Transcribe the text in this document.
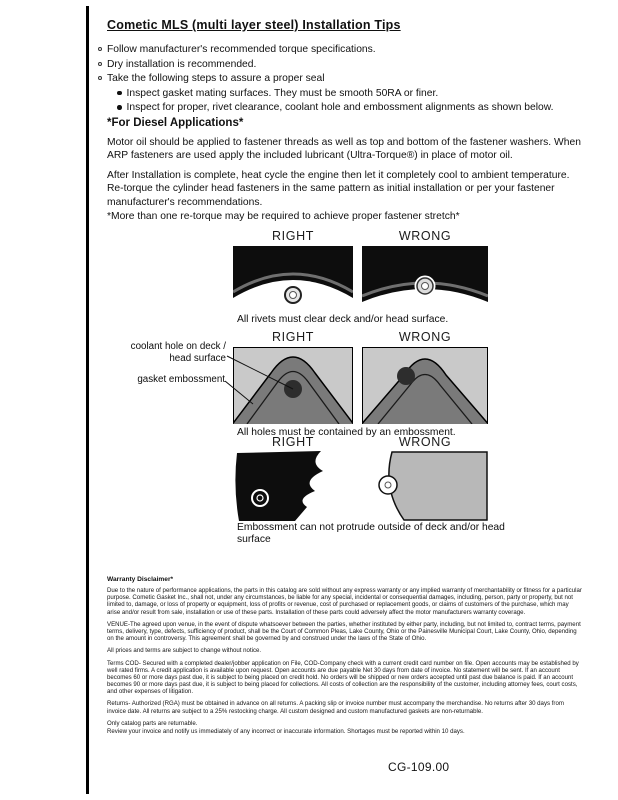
Cometic MLS (multi layer steel) Installation Tips
Follow manufacturer's recommended torque specifications.
Dry installation is recommended.
Take the following steps to assure a proper seal
Inspect gasket mating surfaces. They must be smooth 50RA or finer.
Inspect for proper, rivet clearance, coolant hole and embossment alignments as shown below.
*For Diesel Applications*

Motor oil should be applied to fastener threads as well as top and bottom of the fastener washers. When ARP fasteners are used apply the included lubricant (Ultra-Torque®) in place of motor oil.

After Installation is complete, heat cycle the engine then let it completely cool to ambient temperature. Re-torque the cylinder head fasteners in the same pattern as initial installation or per your fastener manufacturer's recommendations.

*More than one re-torque may be required to achieve proper fastener stretch*

RIGHT	WRONG
All rivets must clear deck and/or head surface.
RIGHT	WRONG
coolant hole on deck / head surface
gasket embossment
All holes must be contained by an embossment.
RIGHT	WRONG
Embossment can not protrude outside of deck and/or head surface
Warranty Disclaimer*

Due to the nature of performance applications, the parts in this catalog are sold without any express warranty or any implied warranty of merchantability or fitness for a particular purpose. Cometic Gasket Inc., shall not, under any circumstances, be liable for any special, incidental or consequential damages, including, person, party or property, but not limited to, damage, or loss of property or equipment, loss of profits or revenue, cost of purchased or replacement goods, or claims of customers of the purchase, which may arise and/or result from sale, installation or use of these parts. Installation of these parts could adversely affect the motor manufacturers warranty coverage.

VENUE-The agreed upon venue, in the event of dispute whatsoever between the parties, whether instituted by either party, including, but not limited to, contract terms, payment terms, delivery, type, defects, sufficiency of product, shall be the Court of Common Pleas, Lake County, Ohio or the Painesville Municipal Court, Lake County, Ohio, depending on the amount in controversy. This agreement shall be governed by and construed under the laws of the State of Ohio.

All prices and terms are subject to change without notice.

Terms COD- Secured with a completed dealer/jobber application on File, COD-Company check with a current credit card number on file. Open accounts may be established by well rated firms. A credit application is available upon request. Open accounts are due payable Net 30 days from date of invoice. No statement will be sent. If an account becomes 60 or more days past due, it is subject to being placed on credit hold. No orders will be shipped or new orders accepted until past due balance is paid. If an account becomes 90 or more days past due, it is subject to being placed for collections. All costs of collection are the responsibility of the customer, including attorney fees, court costs, and other expenses of litigation.

Returns- Authorized (RGA) must be obtained in advance on all returns. A packing slip or invoice number must accompany the merchandise. No returns after 30 days from invoice date. All returns are subject to a 25% restocking charge. All custom designed and custom manufactured gaskets are non-returnable.

Only catalog parts are returnable.

Review your invoice and notify us immediately of any incorrect or inaccurate information. Shortages must be reported within 10 days.

CG-109.00
